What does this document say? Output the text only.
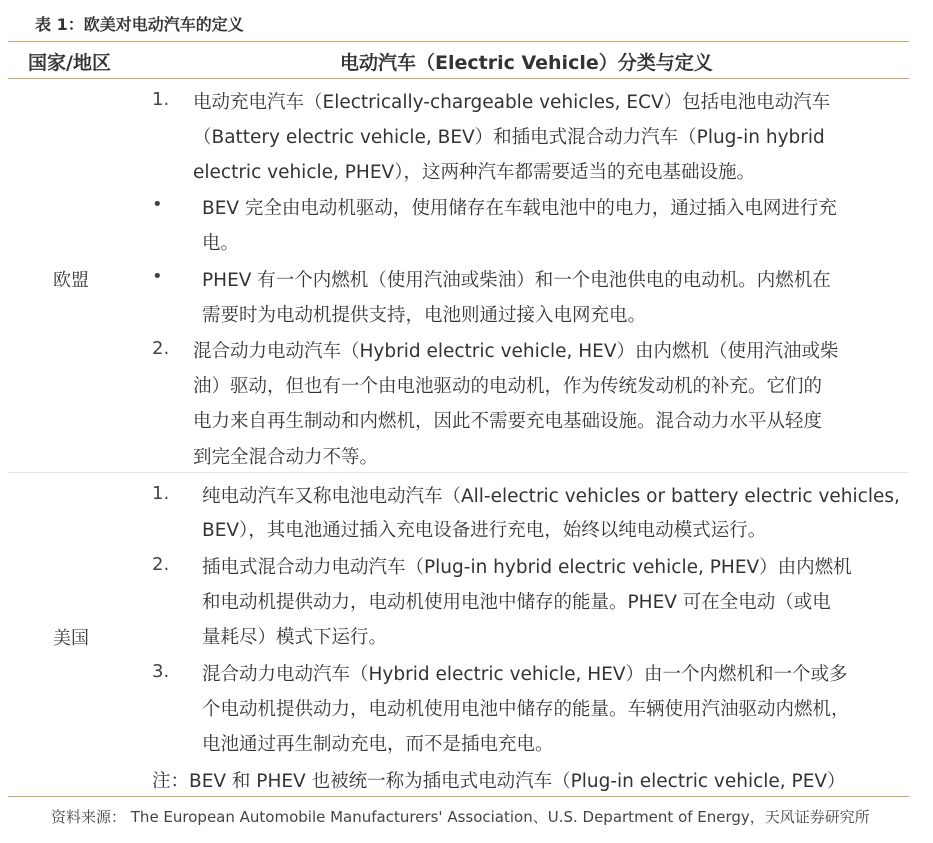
表 1：欧美对电动汽车的定义
国家/地区	电动汽车（Electric Vehicle）分类与定义
欧盟
1. 电动充电汽车（Electrically-chargeable vehicles, ECV）包括电池电动汽车
（Battery electric vehicle, BEV）和插电式混合动力汽车（Plug-in hybrid
electric vehicle, PHEV），这两种汽车都需要适当的充电基础设施。
• BEV 完全由电动机驱动，使用储存在车载电池中的电力，通过插入电网进行充
电。
• PHEV 有一个内燃机（使用汽油或柴油）和一个电池供电的电动机。内燃机在
需要时为电动机提供支持，电池则通过接入电网充电。
2. 混合动力电动汽车（Hybrid electric vehicle, HEV）由内燃机（使用汽油或柴
油）驱动，但也有一个由电池驱动的电动机，作为传统发动机的补充。它们的
电力来自再生制动和内燃机，因此不需要充电基础设施。混合动力水平从轻度
到完全混合动力不等。
美国
1. 纯电动汽车又称电池电动汽车（All-electric vehicles or battery electric vehicles,
BEV），其电池通过插入充电设备进行充电，始终以纯电动模式运行。
2. 插电式混合动力电动汽车（Plug-in hybrid electric vehicle, PHEV）由内燃机
和电动机提供动力，电动机使用电池中储存的能量。PHEV 可在全电动（或电
量耗尽）模式下运行。
3. 混合动力电动汽车（Hybrid electric vehicle, HEV）由一个内燃机和一个或多
个电动机提供动力，电动机使用电池中储存的能量。车辆使用汽油驱动内燃机，
电池通过再生制动充电，而不是插电充电。
注：BEV 和 PHEV 也被统一称为插电式电动汽车（Plug-in electric vehicle, PEV）
资料来源： The European Automobile Manufacturers' Association、U.S. Department of Energy，天风证券研究所
